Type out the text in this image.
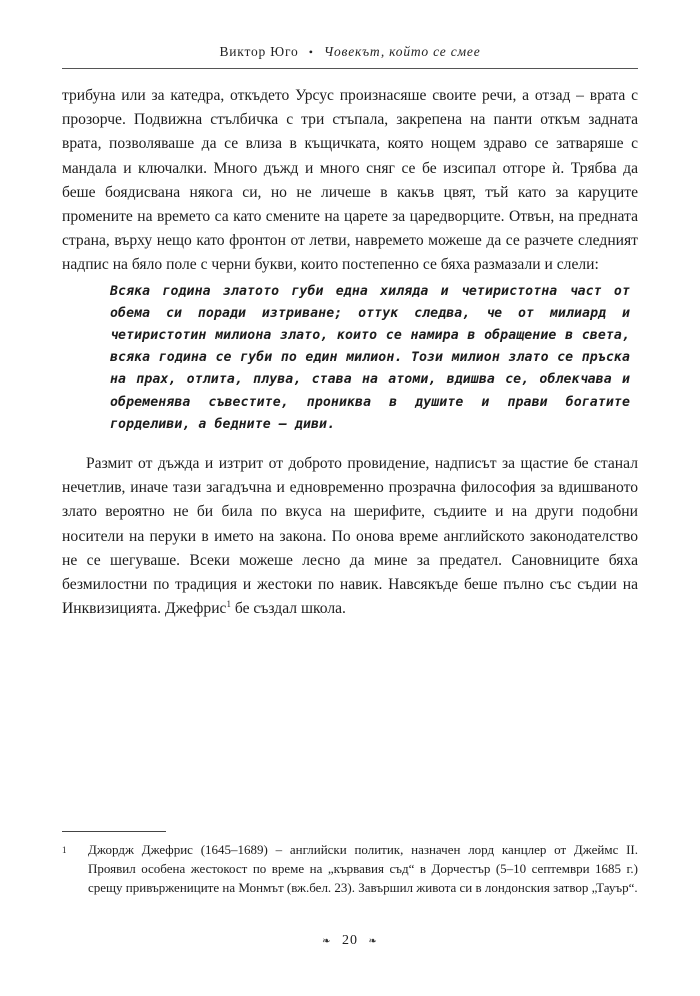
Виктор Юго • Човекът, който се смее

трибуна или за катедра, откъдето Урсус произнасяше своите речи, а отзад – врата с прозорче. Подвижна стълбичка с три стъпала, закрепена на панти откъм задната врата, позволяваше да се влиза в къщичката, която нощем здраво се затваряше с мандала и ключалки. Много дъжд и много сняг се бе изсипал отгоре ѝ. Трябва да беше боядисвана някога си, но не личеше в какъв цвят, тъй като за каруците промените на времето са като смените на царете за царедворците. Отвън, на предната страна, върху нещо като фронтон от летви, навремето можеше да се разчете следният надпис на бяло поле с черни букви, които постепенно се бяха размазали и слели:

Всяка година златото губи една хиляда и четиристотна част от обема си поради изтриване; оттук следва, че от милиард и четиристотин милиона злато, които се намира в обращение в света, всяка година се губи по един милион. Този милион злато се пръска на прах, отлита, плува, става на атоми, вдишва се, облекчава и обременява съвестите, прониква в душите и прави богатите горделиви, а бедните – диви.

Размит от дъжда и изтрит от доброто провидение, надписът за щастие бе станал нечетлив, иначе тази загадъчна и едновременно прозрачна философия за вдишваното злато вероятно не би била по вкуса на шерифите, съдиите и на други подобни носители на перуки в името на закона. По онова време английското законодателство не се шегуваше. Всеки можеше лесно да мине за предател. Сановниците бяха безмилостни по традиция и жестоки по навик. Навсякъде беше пълно със съдии на Инквизицията. Джефрис$^1$ бе създал школа.

1	Джордж Джефрис (1645–1689) – английски политик, назначен лорд канцлер от Джеймс II. Проявил особена жестокост по време на „кървавия съд“ в Дорчестър (5–10 септември 1685 г.) срещу привържениците на Монмът (вж.бел. 23). Завършил живота си в лондонския затвор „Тауър“.
❧ 20 ❧
